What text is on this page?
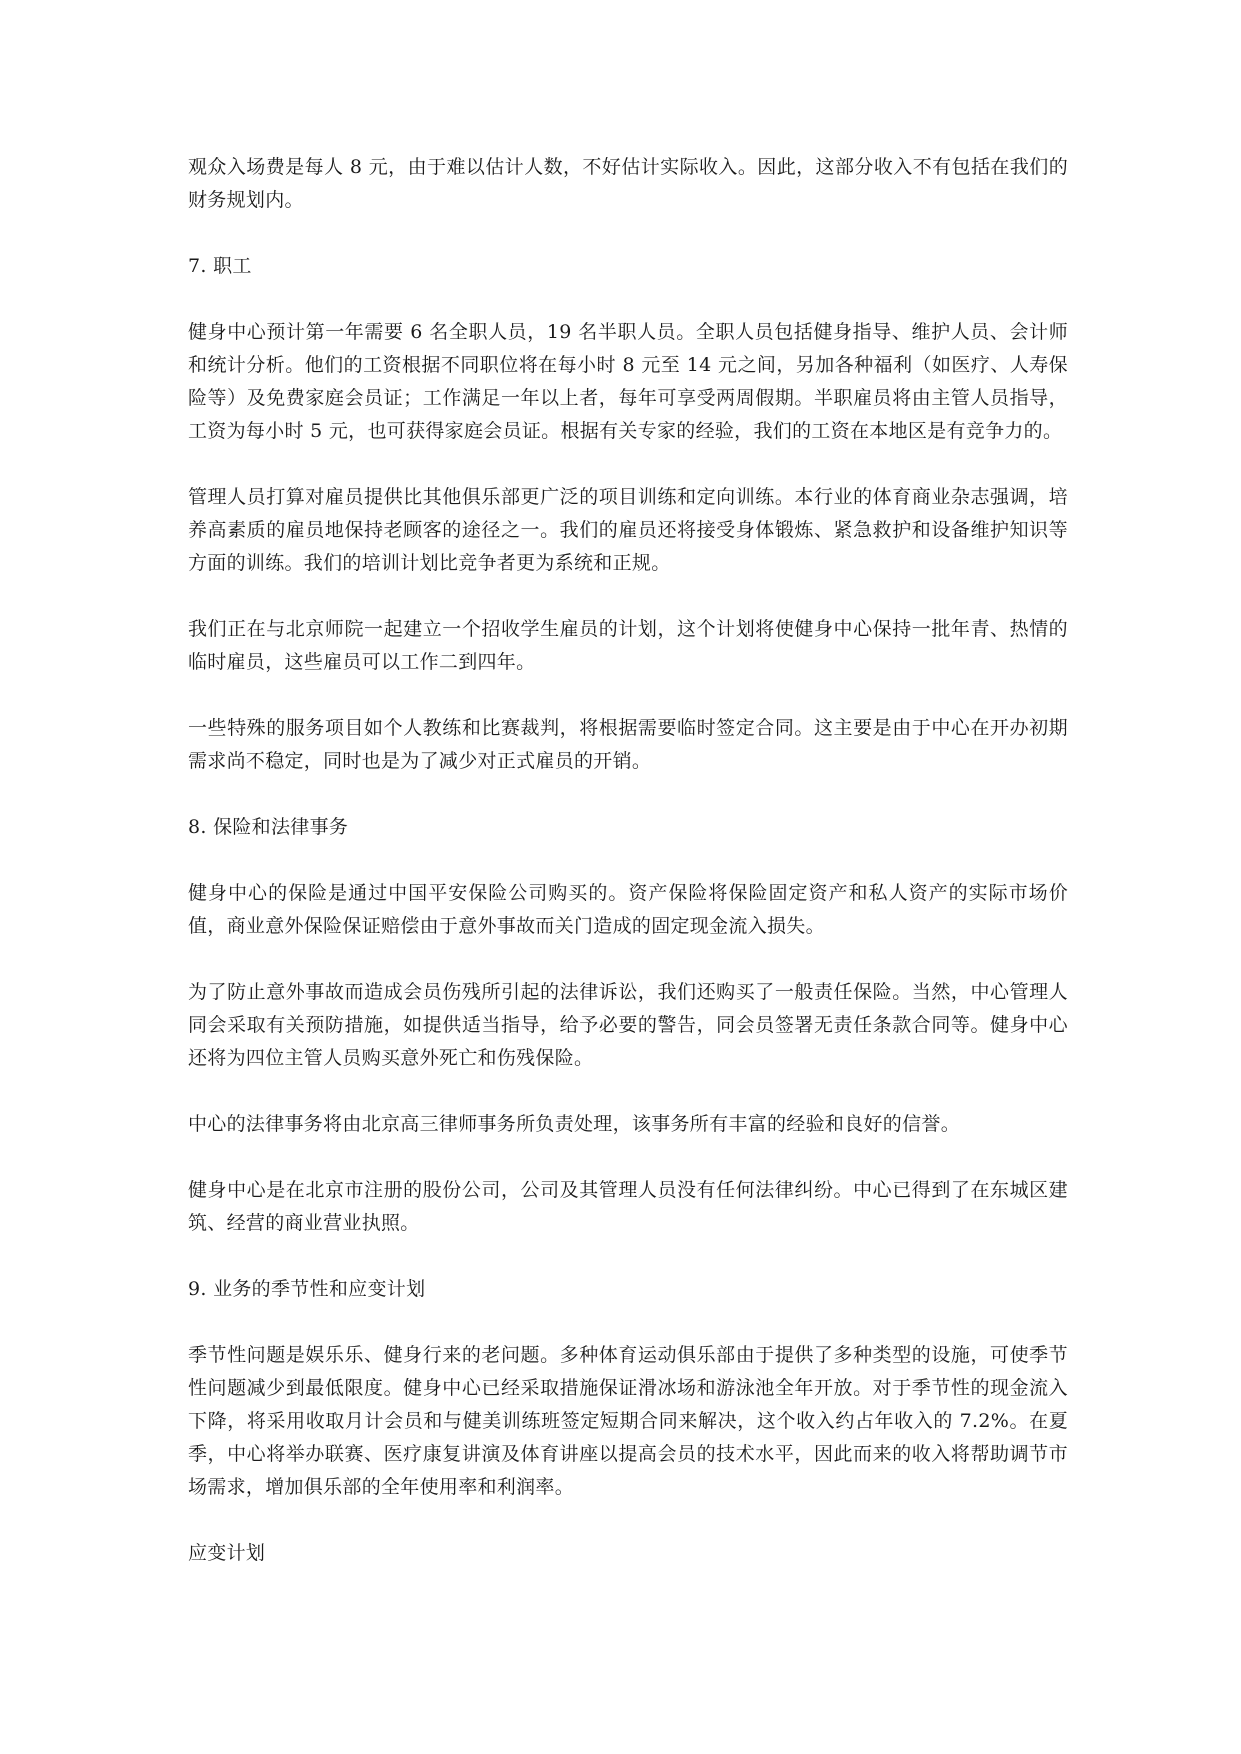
观众入场费是每人 8 元，由于难以估计人数，不好估计实际收入。因此，这部分收入不有包括在我们的财务规划内。

7. 职工

健身中心预计第一年需要 6 名全职人员，19 名半职人员。全职人员包括健身指导、维护人员、会计师和统计分析。他们的工资根据不同职位将在每小时 8 元至 14 元之间，另加各种福利（如医疗、人寿保险等）及免费家庭会员证；工作满足一年以上者，每年可享受两周假期。半职雇员将由主管人员指导，工资为每小时 5 元，也可获得家庭会员证。根据有关专家的经验，我们的工资在本地区是有竞争力的。

管理人员打算对雇员提供比其他俱乐部更广泛的项目训练和定向训练。本行业的体育商业杂志强调，培养高素质的雇员地保持老顾客的途径之一。我们的雇员还将接受身体锻炼、紧急救护和设备维护知识等方面的训练。我们的培训计划比竞争者更为系统和正规。

我们正在与北京师院一起建立一个招收学生雇员的计划，这个计划将使健身中心保持一批年青、热情的临时雇员，这些雇员可以工作二到四年。

一些特殊的服务项目如个人教练和比赛裁判，将根据需要临时签定合同。这主要是由于中心在开办初期需求尚不稳定，同时也是为了减少对正式雇员的开销。

8. 保险和法律事务

健身中心的保险是通过中国平安保险公司购买的。资产保险将保险固定资产和私人资产的实际市场价值，商业意外保险保证赔偿由于意外事故而关门造成的固定现金流入损失。

为了防止意外事故而造成会员伤残所引起的法律诉讼，我们还购买了一般责任保险。当然，中心管理人同会采取有关预防措施，如提供适当指导，给予必要的警告，同会员签署无责任条款合同等。健身中心还将为四位主管人员购买意外死亡和伤残保险。

中心的法律事务将由北京高三律师事务所负责处理，该事务所有丰富的经验和良好的信誉。

健身中心是在北京市注册的股份公司，公司及其管理人员没有任何法律纠纷。中心已得到了在东城区建筑、经营的商业营业执照。

9. 业务的季节性和应变计划

季节性问题是娱乐乐、健身行来的老问题。多种体育运动俱乐部由于提供了多种类型的设施，可使季节性问题减少到最低限度。健身中心已经采取措施保证滑冰场和游泳池全年开放。对于季节性的现金流入下降，将采用收取月计会员和与健美训练班签定短期合同来解决，这个收入约占年收入的 7.2%。在夏季，中心将举办联赛、医疗康复讲演及体育讲座以提高会员的技术水平，因此而来的收入将帮助调节市场需求，增加俱乐部的全年使用率和利润率。

应变计划
